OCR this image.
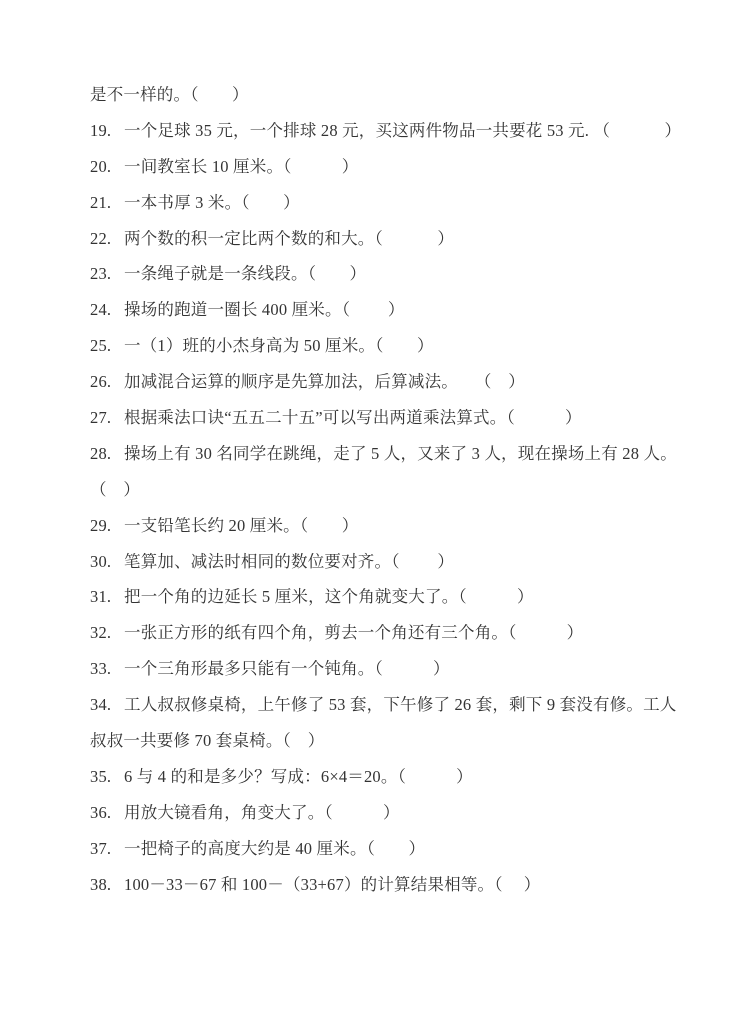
是不一样的。（　　）
19. 一个足球 35 元，一个排球 28 元，买这两件物品一共要花 53 元. （　　　 ）
20. 一间教室长 10 厘米。（　　　）
21. 一本书厚 3 米。（　　）
22. 两个数的积一定比两个数的和大。（　　　 ）
23. 一条绳子就是一条线段。（　　）
24. 操场的跑道一圈长 400 厘米。（　　 ）
25. 一（1）班的小杰身高为 50 厘米。（　　）
26. 加减混合运算的顺序是先算加法，后算减法。　　（　）
27. 根据乘法口诀“五五二十五”可以写出两道乘法算式。（　　　）
28. 操场上有 30 名同学在跳绳，走了 5 人，又来了 3 人，现在操场上有 28 人。
（　）
29. 一支铅笔长约 20 厘米。（　　）
30. 笔算加、减法时相同的数位要对齐。（　　 ）
31. 把一个角的边延长 5 厘米，这个角就变大了。（　　　）
32. 一张正方形的纸有四个角，剪去一个角还有三个角。（　　　）
33. 一个三角形最多只能有一个钝角。（　　　）
34. 工人叔叔修桌椅，上午修了 53 套，下午修了 26 套，剩下 9 套没有修。工人
叔叔一共要修 70 套桌椅。（　）
35. 6 与 4 的和是多少？写成：6×4＝20。（　　　）
36. 用放大镜看角，角变大了。（　　　）
37. 一把椅子的高度大约是 40 厘米。（　　）
38. 100－33－67 和 100－（33+67）的计算结果相等。（　 ）
